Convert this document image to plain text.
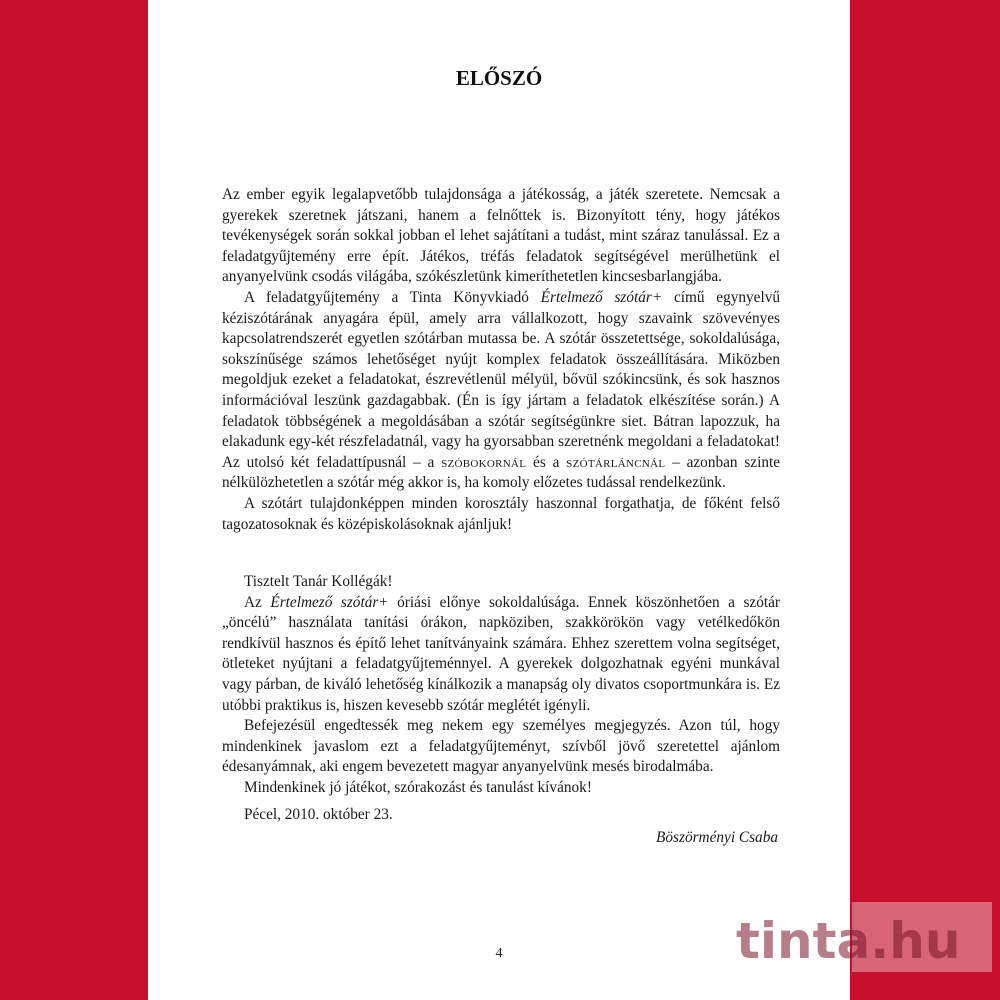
ELŐSZÓ

Az ember egyik legalapvetőbb tulajdonsága a játékosság, a játék szeretete. Nemcsak a gyerekek szeretnek játszani, hanem a felnőttek is. Bizonyított tény, hogy játékos tevékenységek során sokkal jobban el lehet sajátítani a tudást, mint száraz tanulással. Ez a feladatgyűjtemény erre épít. Játékos, tréfás feladatok segítségével merülhetünk el anyanyelvünk csodás világába, szókészletünk kimeríthetetlen kincsesbarlangjába.

A feladatgyűjtemény a Tinta Könyvkiadó Értelmező szótár+ című egynyelvű kéziszótárának anyagára épül, amely arra vállalkozott, hogy szavaink szövevényes kapcsolatrendszerét egyetlen szótárban mutassa be. A szótár összetettsége, sokoldalúsága, sokszínűsége számos lehetőséget nyújt komplex feladatok összeállítására. Miközben megoldjuk ezeket a feladatokat, észrevétlenül mélyül, bővül szókincsünk, és sok hasznos információval leszünk gazdagabbak. (Én is így jártam a feladatok elkészítése során.) A feladatok többségének a megoldásában a szótár segítségünkre siet. Bátran lapozzuk, ha elakadunk egy-két részfeladatnál, vagy ha gyorsabban szeretnénk megoldani a feladatokat! Az utolsó két feladattípusnál – a szóbokornál és a szótárláncnál – azonban szinte nélkülözhetetlen a szótár még akkor is, ha komoly előzetes tudással rendelkezünk.

A szótárt tulajdonképpen minden korosztály haszonnal forgathatja, de főként felső tagozatosoknak és középiskolásoknak ajánljuk!

Tisztelt Tanár Kollégák!

Az Értelmező szótár+ óriási előnye sokoldalúsága. Ennek köszönhetően a szótár „öncélú” használata tanítási órákon, napköziben, szakkörökön vagy vetélkedőkön rendkívül hasznos és építő lehet tanítványaink számára. Ehhez szerettem volna segítséget, ötleteket nyújtani a feladatgyűjteménnyel. A gyerekek dolgozhatnak egyéni munkával vagy párban, de kiváló lehetőség kínálkozik a manapság oly divatos csoportmunkára is. Ez utóbbi praktikus is, hiszen kevesebb szótár meglétét igényli.

Befejezésül engedtessék meg nekem egy személyes megjegyzés. Azon túl, hogy mindenkinek javaslom ezt a feladatgyűjteményt, szívből jövő szeretettel ajánlom édesanyámnak, aki engem bevezetett magyar anyanyelvünk mesés birodalmába.

Mindenkinek jó játékot, szórakozást és tanulást kívánok!

Pécel, 2010. október 23.
Böszörményi Csaba
4	tinta.hu
